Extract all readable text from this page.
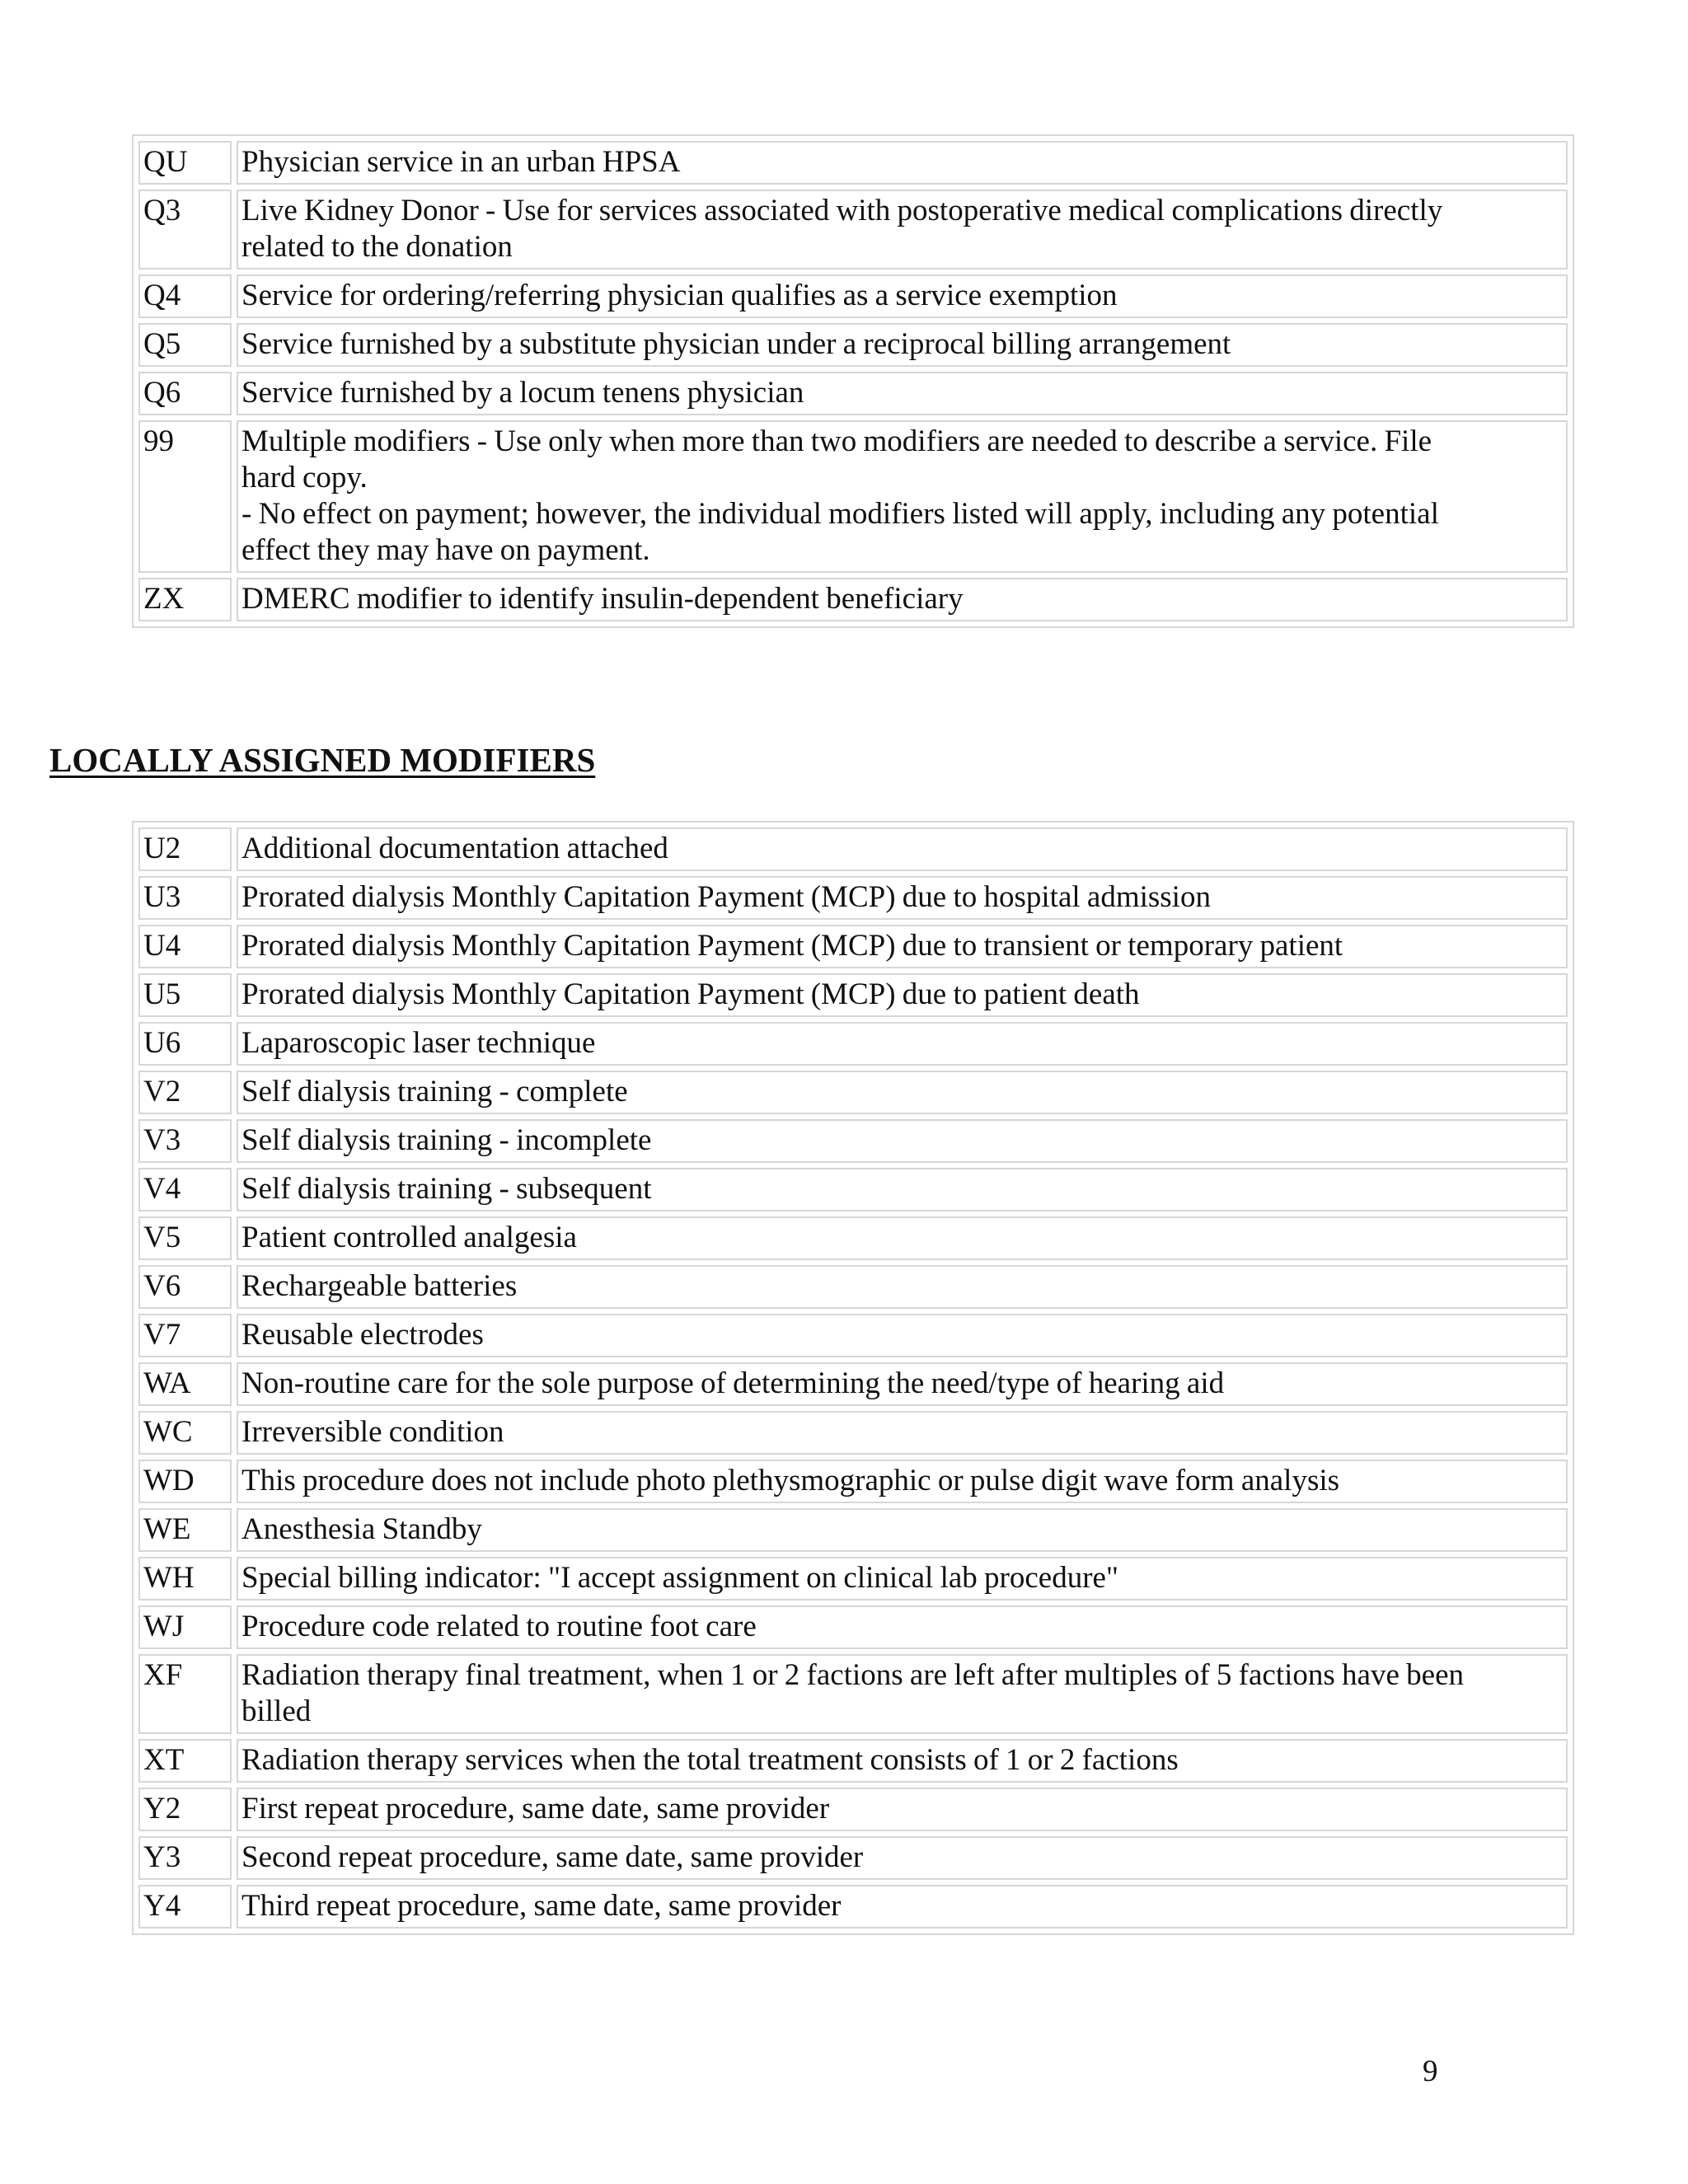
QU	Physician service in an urban HPSA

Q3	Live Kidney Donor - Use for services associated with postoperative medical complications directly
related to the donation

Q4	Service for ordering/referring physician qualifies as a service exemption

Q5	Service furnished by a substitute physician under a reciprocal billing arrangement

Q6	Service furnished by a locum tenens physician

99	Multiple modifiers - Use only when more than two modifiers are needed to describe a service. File
hard copy.
- No effect on payment; however, the individual modifiers listed will apply, including any potential
effect they may have on payment.

ZX	DMERC modifier to identify insulin-dependent beneficiary
LOCALLY ASSIGNED MODIFIERS
U2	Additional documentation attached

U3	Prorated dialysis Monthly Capitation Payment (MCP) due to hospital admission

U4	Prorated dialysis Monthly Capitation Payment (MCP) due to transient or temporary patient

U5	Prorated dialysis Monthly Capitation Payment (MCP) due to patient death

U6	Laparoscopic laser technique

V2	Self dialysis training - complete

V3	Self dialysis training - incomplete

V4	Self dialysis training - subsequent

V5	Patient controlled analgesia

V6	Rechargeable batteries

V7	Reusable electrodes

WA	Non-routine care for the sole purpose of determining the need/type of hearing aid

WC	Irreversible condition

WD	This procedure does not include photo plethysmographic or pulse digit wave form analysis

WE	Anesthesia Standby

WH	Special billing indicator: "I accept assignment on clinical lab procedure"

WJ	Procedure code related to routine foot care

XF	Radiation therapy final treatment, when 1 or 2 factions are left after multiples of 5 factions have been
billed

XT	Radiation therapy services when the total treatment consists of 1 or 2 factions

Y2	First repeat procedure, same date, same provider

Y3	Second repeat procedure, same date, same provider

Y4	Third repeat procedure, same date, same provider
9
